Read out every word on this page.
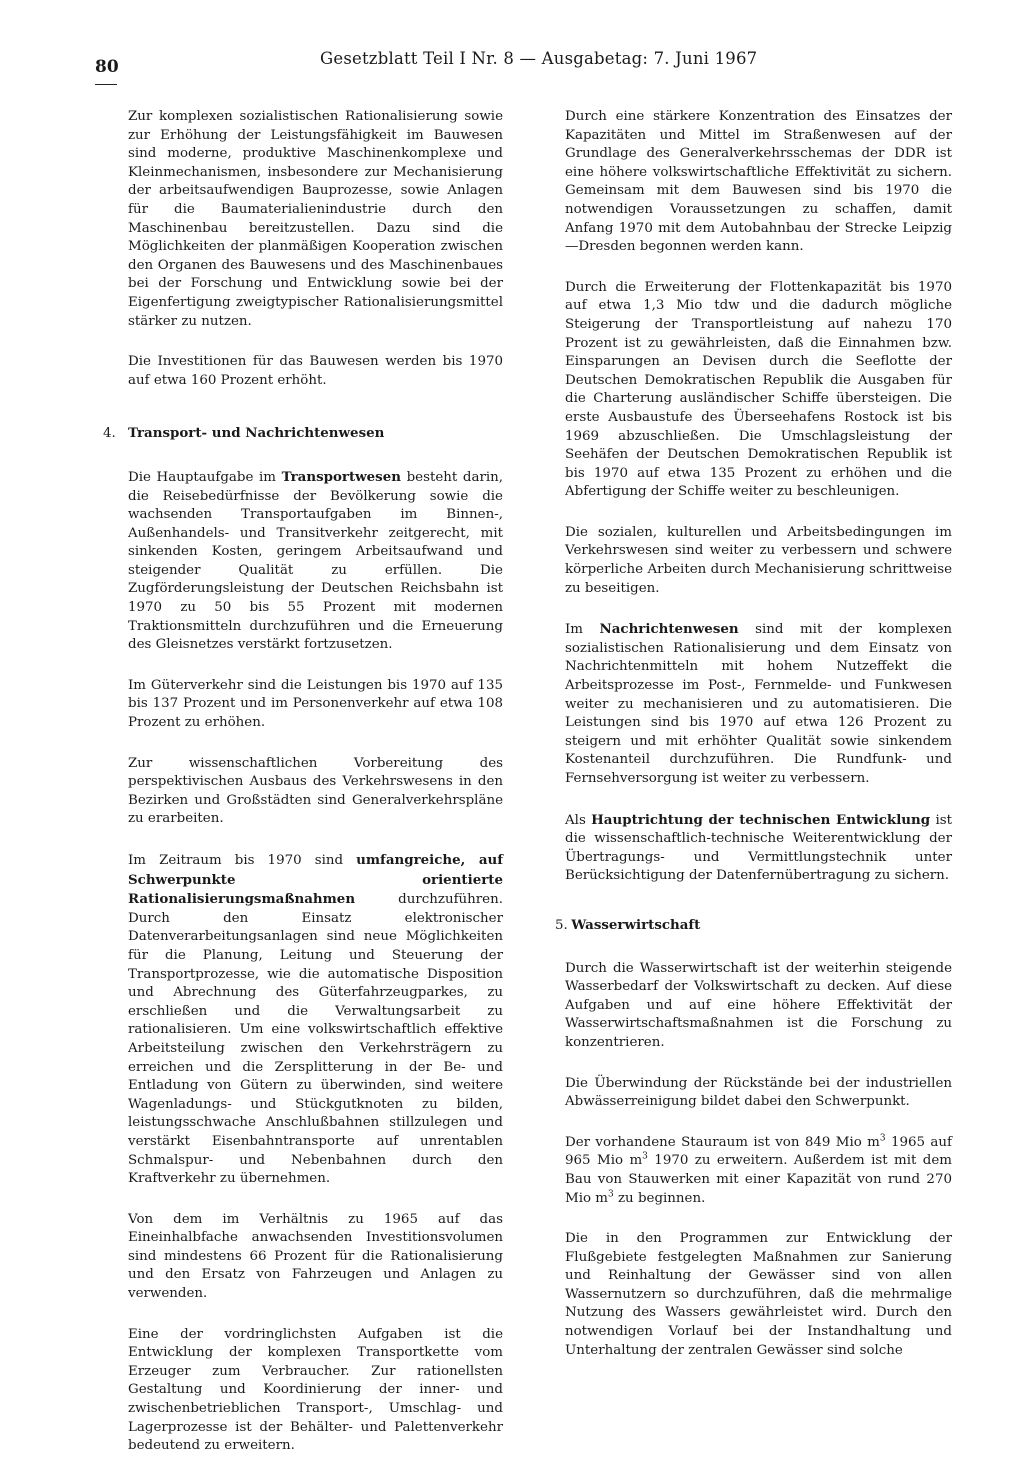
80	Gesetzblatt Teil I Nr. 8 — Ausgabetag: 7. Juni 1967

Zur komplexen sozialistischen Rationalisierung sowie zur Erhöhung der Leistungsfähigkeit im Bauwesen sind moderne, produktive Maschinenkomplexe und Kleinmechanismen, insbesondere zur Mechanisierung der arbeitsaufwendigen Bauprozesse, sowie Anlagen für die Baumaterialienindustrie durch den Maschinenbau bereitzustellen. Dazu sind die Möglichkeiten der planmäßigen Kooperation zwischen den Organen des Bauwesens und des Maschinenbaues bei der Forschung und Entwicklung sowie bei der Eigenfertigung zweigtypischer Rationalisierungsmittel stärker zu nutzen.

Die Investitionen für das Bauwesen werden bis 1970 auf etwa 160 Prozent erhöht.

4. Transport- und Nachrichtenwesen

Die Hauptaufgabe im Transportwesen besteht darin, die Reisebedürfnisse der Bevölkerung sowie die wachsenden Transportaufgaben im Binnen-, Außenhandels- und Transitverkehr zeitgerecht, mit sinkenden Kosten, geringem Arbeitsaufwand und steigender Qualität zu erfüllen. Die Zugförderungsleistung der Deutschen Reichsbahn ist 1970 zu 50 bis 55 Prozent mit modernen Traktionsmitteln durchzuführen und die Erneuerung des Gleisnetzes verstärkt fortzusetzen.

Im Güterverkehr sind die Leistungen bis 1970 auf 135 bis 137 Prozent und im Personenverkehr auf etwa 108 Prozent zu erhöhen.

Zur wissenschaftlichen Vorbereitung des perspektivischen Ausbaus des Verkehrswesens in den Bezirken und Großstädten sind Generalverkehrspläne zu erarbeiten.

Im Zeitraum bis 1970 sind umfangreiche, auf Schwerpunkte orientierte Rationalisierungsmaßnahmen durchzuführen. Durch den Einsatz elektronischer Datenverarbeitungsanlagen sind neue Möglichkeiten für die Planung, Leitung und Steuerung der Transportprozesse, wie die automatische Disposition und Abrechnung des Güterfahrzeugparkes, zu erschließen und die Verwaltungsarbeit zu rationalisieren. Um eine volkswirtschaftlich effektive Arbeitsteilung zwischen den Verkehrsträgern zu erreichen und die Zersplitterung in der Be- und Entladung von Gütern zu überwinden, sind weitere Wagenladungs- und Stückgutknoten zu bilden, leistungsschwache Anschlußbahnen stillzulegen und verstärkt Eisenbahntransporte auf unrentablen Schmalspur- und Nebenbahnen durch den Kraftverkehr zu übernehmen.

Von dem im Verhältnis zu 1965 auf das Eineinhalbfache anwachsenden Investitionsvolumen sind mindestens 66 Prozent für die Rationalisierung und den Ersatz von Fahrzeugen und Anlagen zu verwenden.

Eine der vordringlichsten Aufgaben ist die Entwicklung der komplexen Transportkette vom Erzeuger zum Verbraucher. Zur rationellsten Gestaltung und Koordinierung der inner- und zwischenbetrieblichen Transport-, Umschlag- und Lagerprozesse ist der Behälter- und Palettenverkehr bedeutend zu erweitern.

Durch eine stärkere Konzentration des Einsatzes der Kapazitäten und Mittel im Straßenwesen auf der Grundlage des Generalverkehrsschemas der DDR ist eine höhere volkswirtschaftliche Effektivität zu sichern. Gemeinsam mit dem Bauwesen sind bis 1970 die notwendigen Voraussetzungen zu schaffen, damit Anfang 1970 mit dem Autobahnbau der Strecke Leipzig—Dresden begonnen werden kann.

Durch die Erweiterung der Flottenkapazität bis 1970 auf etwa 1,3 Mio tdw und die dadurch mögliche Steigerung der Transportleistung auf nahezu 170 Prozent ist zu gewährleisten, daß die Einnahmen bzw. Einsparungen an Devisen durch die Seeflotte der Deutschen Demokratischen Republik die Ausgaben für die Charterung ausländischer Schiffe übersteigen. Die erste Ausbaustufe des Überseehafens Rostock ist bis 1969 abzuschließen. Die Umschlagsleistung der Seehäfen der Deutschen Demokratischen Republik ist bis 1970 auf etwa 135 Prozent zu erhöhen und die Abfertigung der Schiffe weiter zu beschleunigen.

Die sozialen, kulturellen und Arbeitsbedingungen im Verkehrswesen sind weiter zu verbessern und schwere körperliche Arbeiten durch Mechanisierung schrittweise zu beseitigen.

Im Nachrichtenwesen sind mit der komplexen sozialistischen Rationalisierung und dem Einsatz von Nachrichtenmitteln mit hohem Nutzeffekt die Arbeitsprozesse im Post-, Fernmelde- und Funkwesen weiter zu mechanisieren und zu automatisieren. Die Leistungen sind bis 1970 auf etwa 126 Prozent zu steigern und mit erhöhter Qualität sowie sinkendem Kostenanteil durchzuführen. Die Rundfunk- und Fernsehversorgung ist weiter zu verbessern.

Als Hauptrichtung der technischen Entwicklung ist die wissenschaftlich-technische Weiterentwicklung der Übertragungs- und Vermittlungstechnik unter Berücksichtigung der Datenfernübertragung zu sichern.

5. Wasserwirtschaft

Durch die Wasserwirtschaft ist der weiterhin steigende Wasserbedarf der Volkswirtschaft zu decken. Auf diese Aufgaben und auf eine höhere Effektivität der Wasserwirtschaftsmaßnahmen ist die Forschung zu konzentrieren.

Die Überwindung der Rückstände bei der industriellen Abwässerreinigung bildet dabei den Schwerpunkt.

Der vorhandene Stauraum ist von 849 Mio $m^3$ 1965 auf 965 Mio $m^3$ 1970 zu erweitern. Außerdem ist mit dem Bau von Stauwerken mit einer Kapazität von rund 270 Mio $m^3$ zu beginnen.

Die in den Programmen zur Entwicklung der Flußgebiete festgelegten Maßnahmen zur Sanierung und Reinhaltung der Gewässer sind von allen Wassernutzern so durchzuführen, daß die mehrmalige Nutzung des Wassers gewährleistet wird. Durch den notwendigen Vorlauf bei der Instandhaltung und Unterhaltung der zentralen Gewässer sind solche
